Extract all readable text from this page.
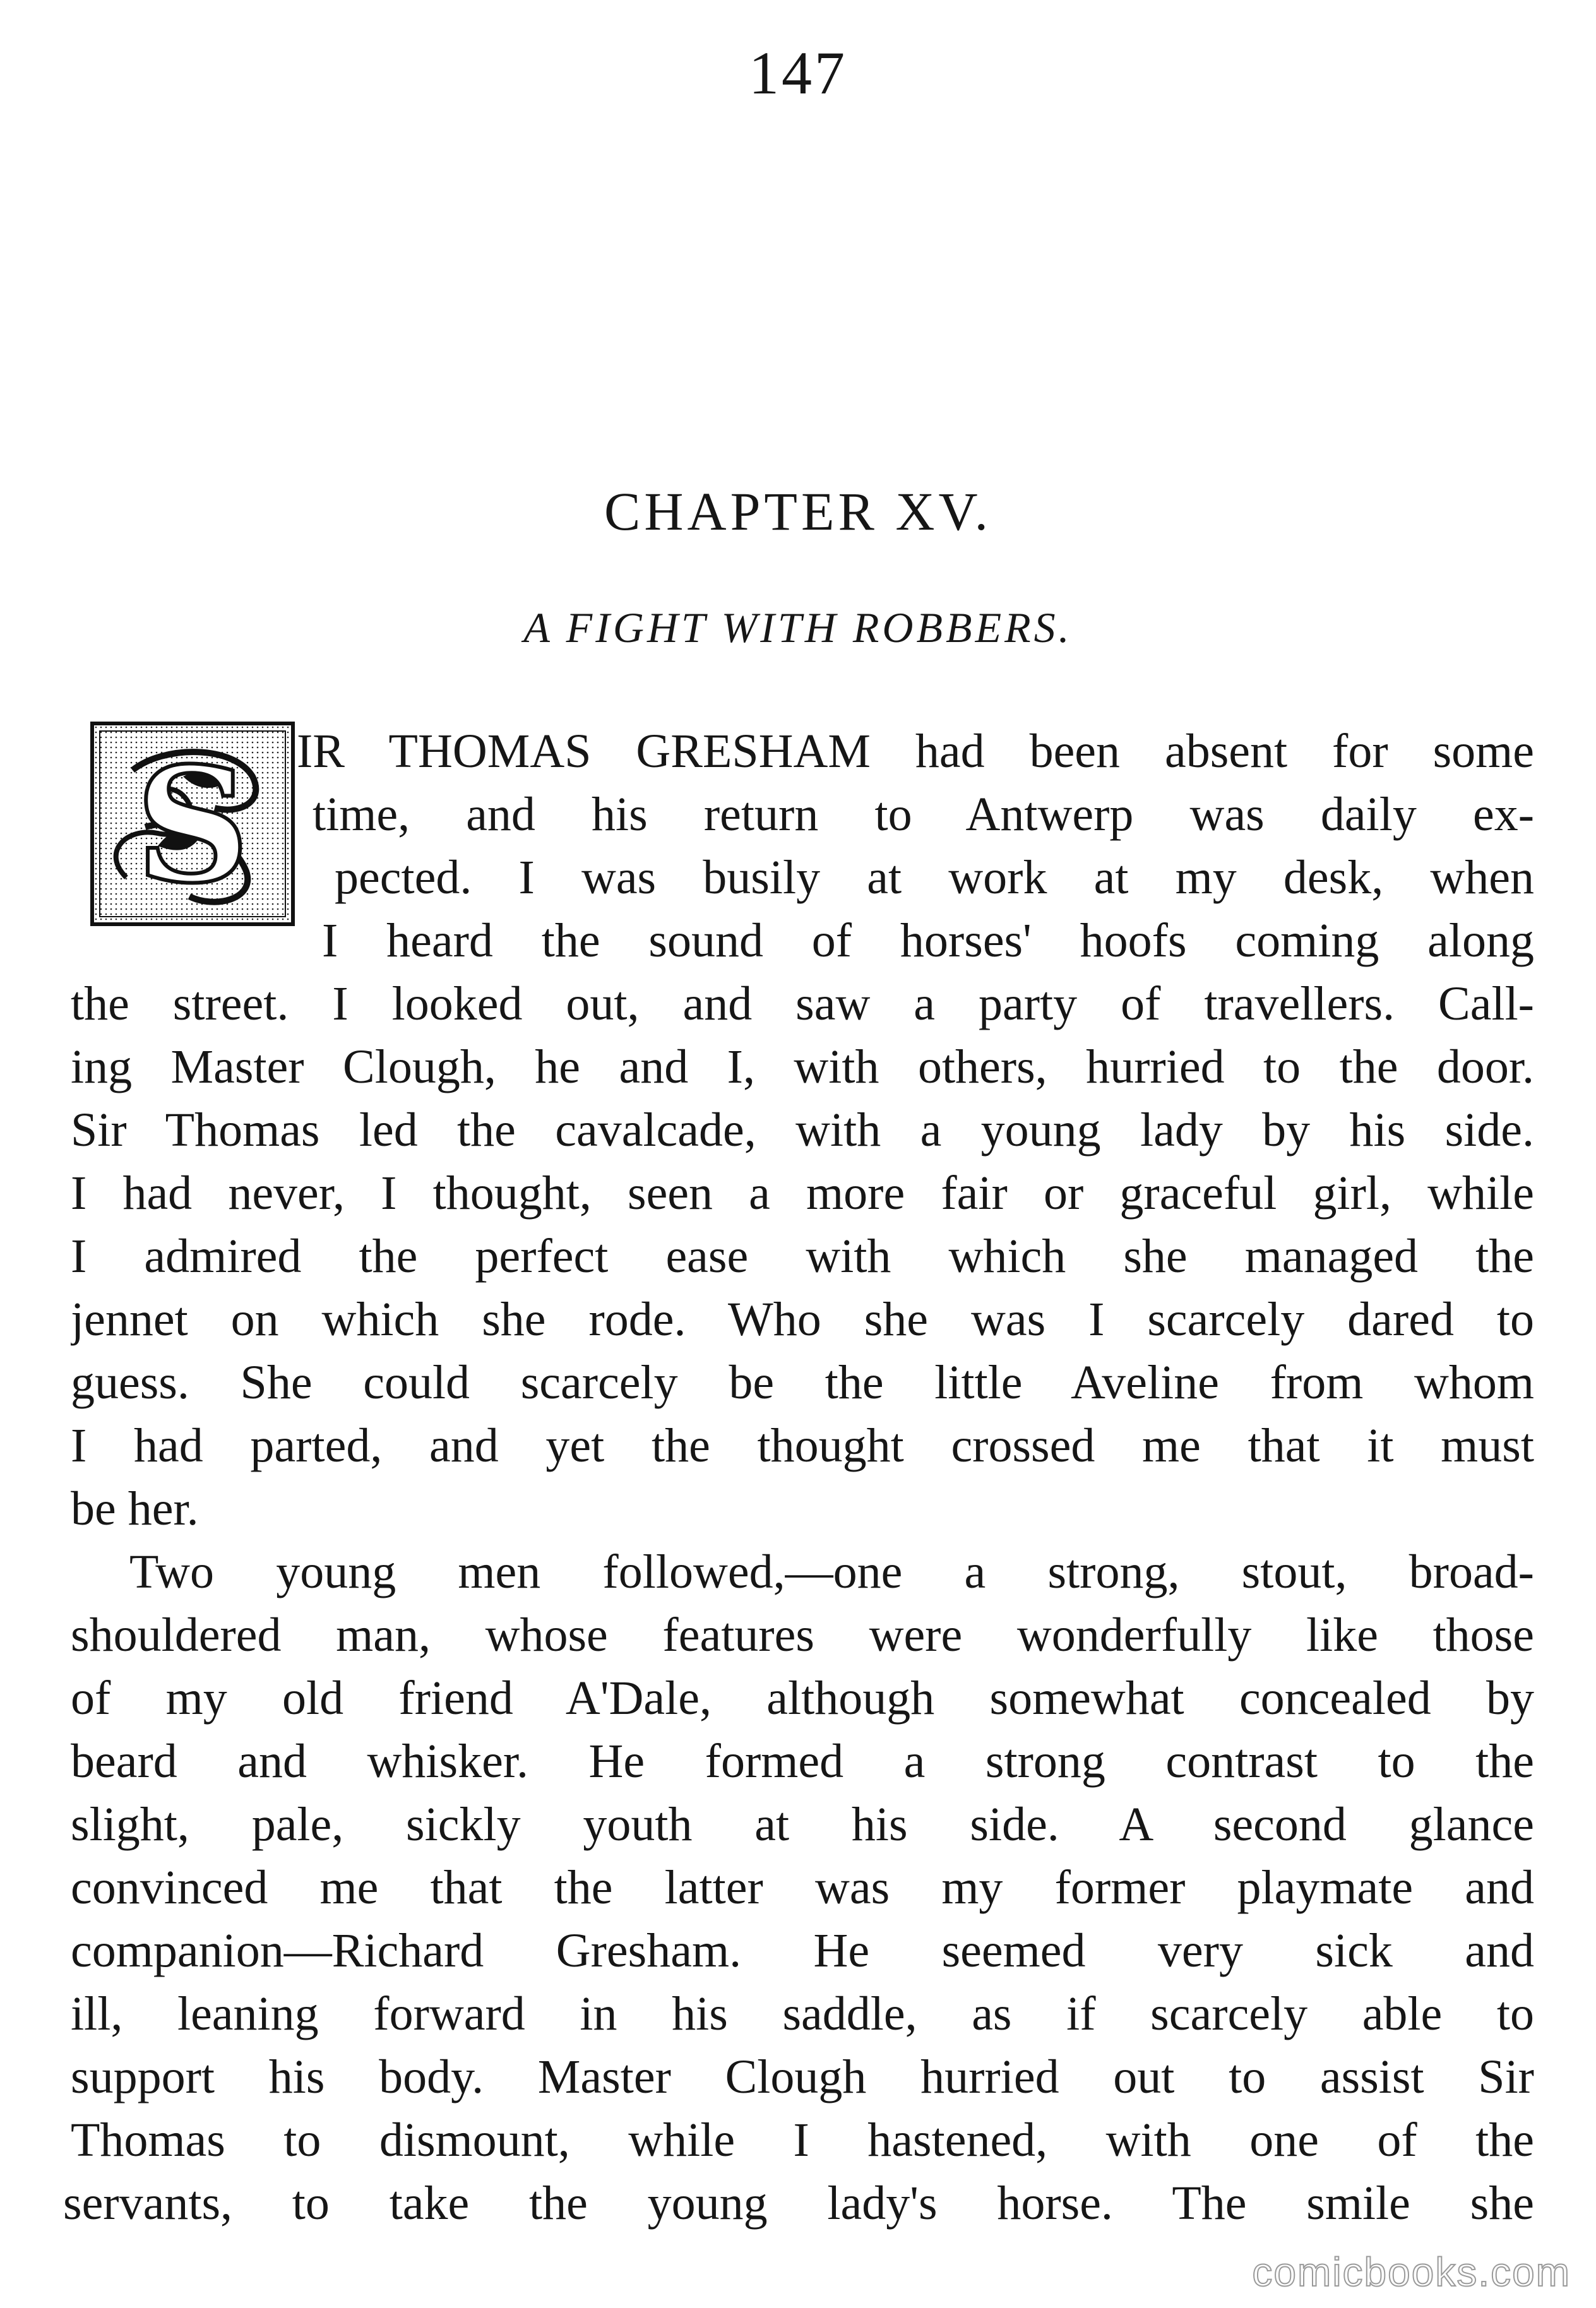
147
CHAPTER XV.
A FIGHT WITH ROBBERS.
S IR THOMAS GRESHAM had been absent for some
time, and his return to Antwerp was daily ex-
pected. I was busily at work at my desk, when
I heard the sound of horses' hoofs coming along
the street. I looked out, and saw a party of travellers. Call-
ing Master Clough, he and I, with others, hurried to the door.
Sir Thomas led the cavalcade, with a young lady by his side.
I had never, I thought, seen a more fair or graceful girl, while
I admired the perfect ease with which she managed the
jennet on which she rode. Who she was I scarcely dared to
guess. She could scarcely be the little Aveline from whom
I had parted, and yet the thought crossed me that it must
be her.
Two young men followed,—one a strong, stout, broad-
shouldered man, whose features were wonderfully like those
of my old friend A'Dale, although somewhat concealed by
beard and whisker. He formed a strong contrast to the
slight, pale, sickly youth at his side. A second glance
convinced me that the latter was my former playmate and
companion—Richard Gresham. He seemed very sick and
ill, leaning forward in his saddle, as if scarcely able to
support his body. Master Clough hurried out to assist Sir
Thomas to dismount, while I hastened, with one of the
servants, to take the young lady's horse. The smile she
comicbooks.com
